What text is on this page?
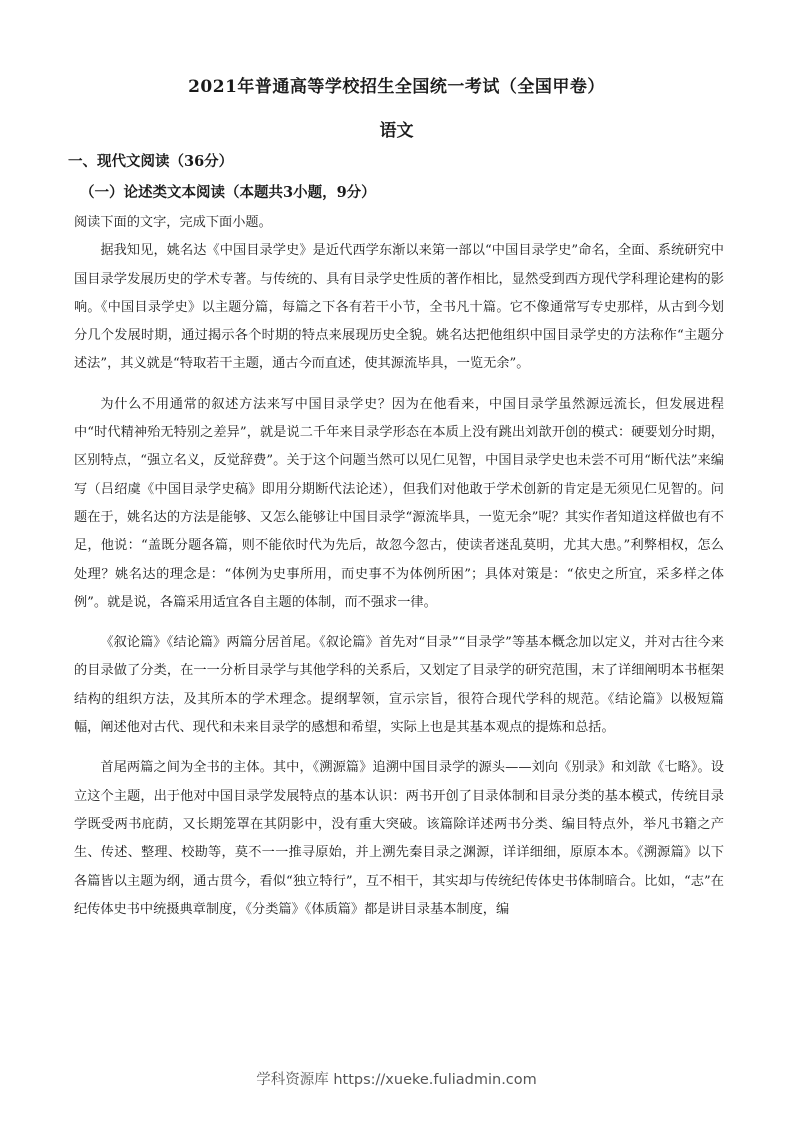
2021年普通高等学校招生全国统一考试（全国甲卷）
语文
一、现代文阅读（36分）
（一）论述类文本阅读（本题共3小题，9分）

阅读下面的文字，完成下面小题。

据我知见，姚名达《中国目录学史》是近代西学东渐以来第一部以“中国目录学史”命名，全面、系统研究中国目录学发展历史的学术专著。与传统的、具有目录学史性质的著作相比，显然受到西方现代学科理论建构的影响。《中国目录学史》以主题分篇，每篇之下各有若干小节，全书凡十篇。它不像通常写专史那样，从古到今划分几个发展时期，通过揭示各个时期的特点来展现历史全貌。姚名达把他组织中国目录学史的方法称作“主题分述法”，其义就是“特取若干主题，通古今而直述，使其源流毕具，一览无余”。

为什么不用通常的叙述方法来写中国目录学史？因为在他看来，中国目录学虽然源远流长，但发展进程中“时代精神殆无特别之差异”，就是说二千年来目录学形态在本质上没有跳出刘歆开创的模式：硬要划分时期，区别特点，“强立名义，反觉辞费”。关于这个问题当然可以见仁见智，中国目录学史也未尝不可用“断代法”来编写（吕绍虞《中国目录学史稿》即用分期断代法论述），但我们对他敢于学术创新的肯定是无须见仁见智的。问题在于，姚名达的方法是能够、又怎么能够让中国目录学“源流毕具，一览无余”呢？其实作者知道这样做也有不足，他说：“盖既分题各篇，则不能依时代为先后，故忽今忽古，使读者迷乱莫明，尤其大患。”利弊相权，怎么处理？姚名达的理念是：“体例为史事所用，而史事不为体例所困”；具体对策是：“依史之所宜，采多样之体例”。就是说，各篇采用适宜各自主题的体制，而不强求一律。

《叙论篇》《结论篇》两篇分居首尾。《叙论篇》首先对“目录”“目录学”等基本概念加以定义，并对古往今来的目录做了分类，在一一分析目录学与其他学科的关系后，又划定了目录学的研究范围，末了详细阐明本书框架结构的组织方法，及其所本的学术理念。提纲挈领，宣示宗旨，很符合现代学科的规范。《结论篇》以极短篇幅，阐述他对古代、现代和未来目录学的感想和希望，实际上也是其基本观点的提炼和总括。

首尾两篇之间为全书的主体。其中，《溯源篇》追溯中国目录学的源头——刘向《别录》和刘歆《七略》。设立这个主题，出于他对中国目录学发展特点的基本认识：两书开创了目录体制和目录分类的基本模式，传统目录学既受两书庇荫，又长期笼罩在其阴影中，没有重大突破。该篇除详述两书分类、编目特点外，举凡书籍之产生、传述、整理、校勘等，莫不一一推寻原始，并上溯先秦目录之渊源，详详细细，原原本本。《溯源篇》以下各篇皆以主题为纲，通古贯今，看似“独立特行”，互不相干，其实却与传统纪传体史书体制暗合。比如，“志”在纪传体史书中统摄典章制度，《分类篇》《体质篇》都是讲目录基本制度，编

学科资源库 https://xueke.fuliadmin.com
